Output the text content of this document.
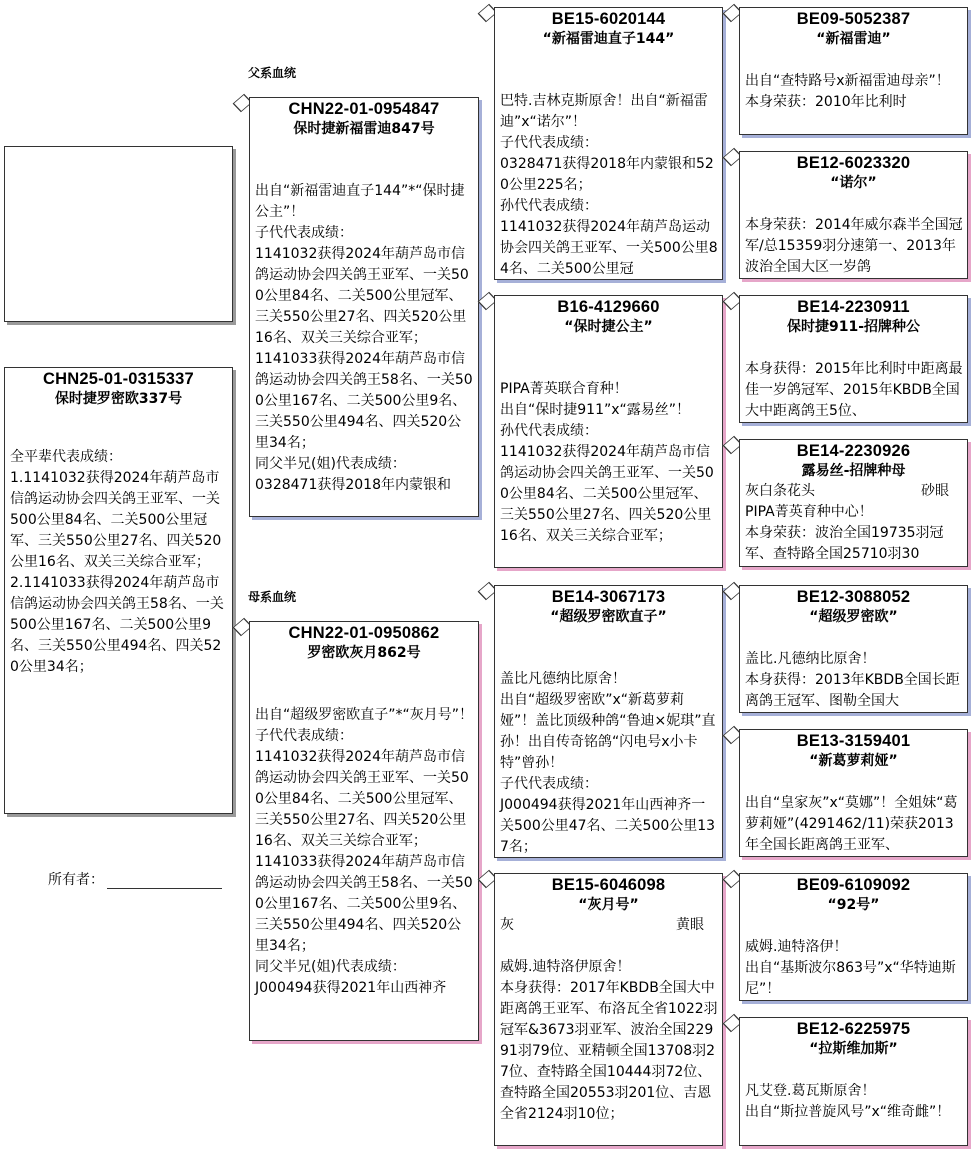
父系血统
母系血统
CHN25-01-0315337
保时捷罗密欧337号
全平辈代表成绩：
1.1141032获得2024年葫芦岛市信鸽运动协会四关鸽王亚军、一关500公里84名、二关500公里冠军、三关550公里27名、四关520公里16名、双关三关综合亚军；
2.1141033获得2024年葫芦岛市信鸽运动协会四关鸽王58名、一关500公里167名、二关500公里9名、三关550公里494名、四关520公里34名；
所有者：
CHN22-01-0954847
保时捷新福雷迪847号
出自“新福雷迪直子144”*“保时捷公主”！
子代代表成绩：
1141032获得2024年葫芦岛市信鸽运动协会四关鸽王亚军、一关500公里84名、二关500公里冠军、三关550公里27名、四关520公里16名、双关三关综合亚军；
1141033获得2024年葫芦岛市信鸽运动协会四关鸽王58名、一关500公里167名、二关500公里9名、三关550公里494名、四关520公里34名；
同父半兄(姐)代表成绩：
0328471获得2018年内蒙银和
CHN22-01-0950862
罗密欧灰月862号
出自“超级罗密欧直子”*“灰月号”！
子代代表成绩：
1141032获得2024年葫芦岛市信鸽运动协会四关鸽王亚军、一关500公里84名、二关500公里冠军、三关550公里27名、四关520公里16名、双关三关综合亚军；
1141033获得2024年葫芦岛市信鸽运动协会四关鸽王58名、一关500公里167名、二关500公里9名、三关550公里494名、四关520公里34名；
同父半兄(姐)代表成绩：
J000494获得2021年山西神齐
BE15-6020144
“新福雷迪直子144”
巴特.吉林克斯原舍！出自“新福雷迪”x“诺尔”！
子代代表成绩：
0328471获得2018年内蒙银和520公里225名；
孙代代表成绩：
1141032获得2024年葫芦岛运动协会四关鸽王亚军、一关500公里84名、二关500公里冠
B16-4129660
“保时捷公主”
PIPA菁英联合育种！
出自“保时捷911”x“露易丝”！
孙代代表成绩：
1141032获得2024年葫芦岛市信鸽运动协会四关鸽王亚军、一关500公里84名、二关500公里冠军、三关550公里27名、四关520公里16名、双关三关综合亚军；
BE14-3067173
“超级罗密欧直子”
盖比凡德纳比原舍！
出自“超级罗密欧”x“新葛萝莉娅”！盖比顶级种鸽“鲁迪×妮琪”直孙！出自传奇铭鸽“闪电号x小卡特”曾孙！
子代代表成绩：
J000494获得2021年山西神齐一关500公里47名、二关500公里137名；
BE15-6046098
“灰月号”
灰	黄眼
威姆.迪特洛伊原舍！
本身获得：2017年KBDB全国大中距离鸽王亚军、布洛瓦全省1022羽冠军&3673羽亚军、波治全国22991羽79位、亚精顿全国13708羽27位、查特路全国10444羽72位、查特路全国20553羽201位、吉恩全省2124羽10位；
BE09-5052387
“新福雷迪”
出自“查特路号x新福雷迪母亲”！
本身荣获：2010年比利时
BE12-6023320
“诺尔”
本身荣获：2014年威尔森半全国冠军/总15359羽分速第一、2013年波治全国大区一岁鸽
BE14-2230911
保时捷911-招牌种公
本身获得：2015年比利时中距离最佳一岁鸽冠军、2015年KBDB全国大中距离鸽王5位、
BE14-2230926
露易丝-招牌种母
灰白条花头	砂眼
PIPA菁英育种中心！
本身荣获：波治全国19735羽冠军、查特路全国25710羽30
BE12-3088052
“超级罗密欧”
盖比.凡德纳比原舍！
本身获得：2013年KBDB全国长距离鸽王冠军、图勒全国大
BE13-3159401
“新葛萝莉娅”
出自“皇家灰”x“莫娜”！全姐妹“葛萝莉娅”(4291462/11)荣获2013年全国长距离鸽王亚军、
BE09-6109092
“92号”
威姆.迪特洛伊！
出自“基斯波尔863号”x“华特迪斯尼”！
BE12-6225975
“拉斯维加斯”
凡艾登.葛瓦斯原舍！
出自“斯拉普旋风号”x“维奇雌”！
